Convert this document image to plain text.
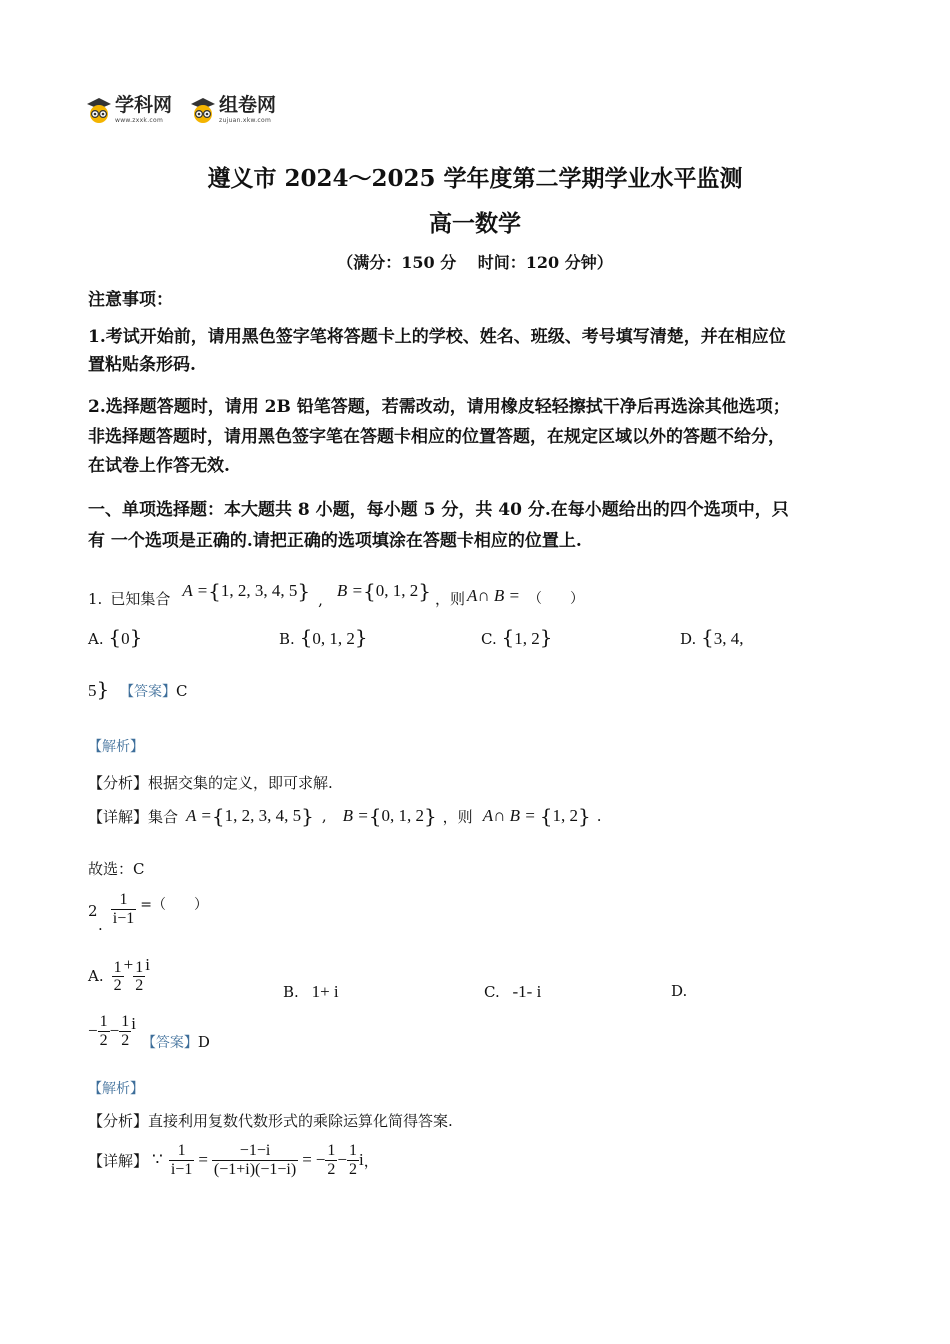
学科网
www.zxxk.com
组卷网
zujuan.xkw.com
遵义市 2024～2025 学年度第二学期学业水平监测
高一数学
（满分：150 分　 时间：120 分钟）
注意事项：
1.考试开始前，请用黑色签字笔将答题卡上的学校、姓名、班级、考号填写清楚，并在相应位
置粘贴条形码.
2.选择题答题时，请用 2B 铅笔答题，若需改动，请用橡皮轻轻擦拭干净后再选涂其他选项；
非选择题答题时，请用黑色签字笔在答题卡相应的位置答题，在规定区域以外的答题不给分，
在试卷上作答无效.
一、单项选择题：本大题共 8 小题，每小题 5 分，共 40 分.在每小题给出的四个选项中，只
有 一个选项是正确的.请把正确的选项填涂在答题卡相应的位置上.
1. 已知集合 A = { 1, 2, 3, 4, 5 } , B = { 0, 1, 2 } ，则 A∩ B = （　　）
A. {0}	B. {0, 1, 2}	C. {1, 2}	D. {3, 4,
5} 【答案】C
【解析】
【分析】根据交集的定义，即可求解.
【详解】 集合 A = { 1, 2, 3, 4, 5 } , B = { 0, 1, 2 } ，则 A∩ B = { 1, 2 } .
故选：C
2
. $\frac{1}{i-1}$ =（　　）
A. $\frac{1}{2} + \frac{1}{2}$ i
B. 1+ i	C. -1- i	D.
− $\frac{1}{2} - \frac{1}{2}$ i
【答案】 D
【解析】
【分析】直接利用复数代数形式的乘除运算化简得答案.
【详解】 ∵ $\frac{1}{i-1} = \frac{-1-i}{(-1+i)(-1-i)}$ = − $\frac{1}{2} - \frac{1}{2}$ i ，
